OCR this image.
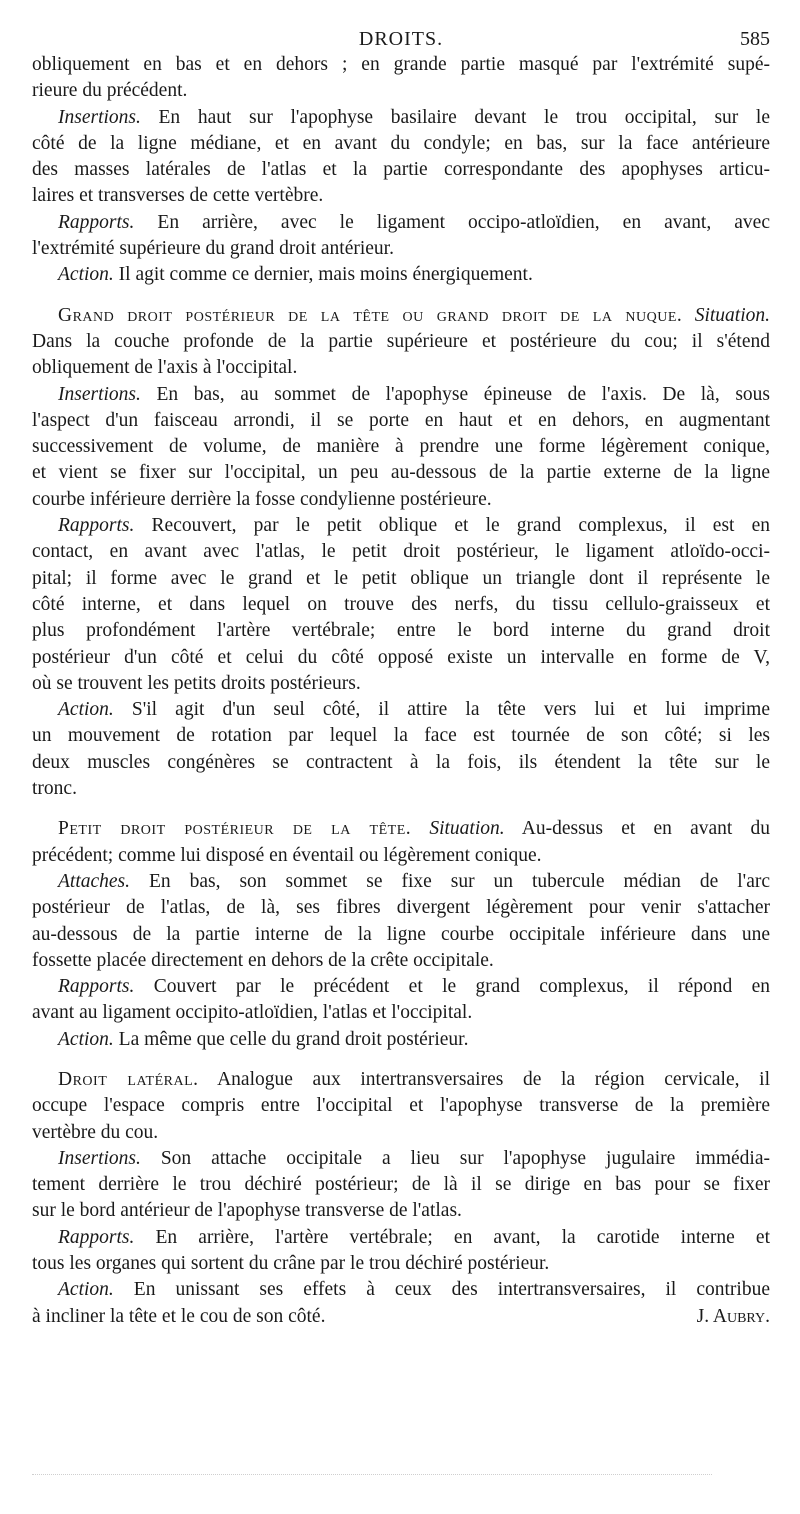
DROITS.	585
obliquement en bas et en dehors ; en grande partie masqué par l'extrémité supé-
rieure du précédent.
Insertions. En haut sur l'apophyse basilaire devant le trou occipital, sur le
côté de la ligne médiane, et en avant du condyle; en bas, sur la face antérieure
des masses latérales de l'atlas et la partie correspondante des apophyses articu-
laires et transverses de cette vertèbre.
Rapports. En arrière, avec le ligament occipo-atloïdien, en avant, avec
l'extrémité supérieure du grand droit antérieur.
Action. Il agit comme ce dernier, mais moins énergiquement.
Grand droit postérieur de la tête ou grand droit de la nuque. Situation.
Dans la couche profonde de la partie supérieure et postérieure du cou; il s'étend
obliquement de l'axis à l'occipital.
Insertions. En bas, au sommet de l'apophyse épineuse de l'axis. De là, sous
l'aspect d'un faisceau arrondi, il se porte en haut et en dehors, en augmentant
successivement de volume, de manière à prendre une forme légèrement conique,
et vient se fixer sur l'occipital, un peu au-dessous de la partie externe de la ligne
courbe inférieure derrière la fosse condylienne postérieure.
Rapports. Recouvert, par le petit oblique et le grand complexus, il est en
contact, en avant avec l'atlas, le petit droit postérieur, le ligament atloïdo-occi-
pital; il forme avec le grand et le petit oblique un triangle dont il représente le
côté interne, et dans lequel on trouve des nerfs, du tissu cellulo-graisseux et
plus profondément l'artère vertébrale; entre le bord interne du grand droit
postérieur d'un côté et celui du côté opposé existe un intervalle en forme de V,
où se trouvent les petits droits postérieurs.
Action. S'il agit d'un seul côté, il attire la tête vers lui et lui imprime
un mouvement de rotation par lequel la face est tournée de son côté; si les
deux muscles congénères se contractent à la fois, ils étendent la tête sur le
tronc.
Petit droit postérieur de la tête. Situation. Au-dessus et en avant du
précédent; comme lui disposé en éventail ou légèrement conique.
Attaches. En bas, son sommet se fixe sur un tubercule médian de l'arc
postérieur de l'atlas, de là, ses fibres divergent légèrement pour venir s'attacher
au-dessous de la partie interne de la ligne courbe occipitale inférieure dans une
fossette placée directement en dehors de la crête occipitale.
Rapports. Couvert par le précédent et le grand complexus, il répond en
avant au ligament occipito-atloïdien, l'atlas et l'occipital.
Action. La même que celle du grand droit postérieur.
Droit latéral. Analogue aux intertransversaires de la région cervicale, il
occupe l'espace compris entre l'occipital et l'apophyse transverse de la première
vertèbre du cou.
Insertions. Son attache occipitale a lieu sur l'apophyse jugulaire immédia-
tement derrière le trou déchiré postérieur; de là il se dirige en bas pour se fixer
sur le bord antérieur de l'apophyse transverse de l'atlas.
Rapports. En arrière, l'artère vertébrale; en avant, la carotide interne et
tous les organes qui sortent du crâne par le trou déchiré postérieur.
Action. En unissant ses effets à ceux des intertransversaires, il contribue
à incliner la tête et le cou de son côté.	J. Aubry.
